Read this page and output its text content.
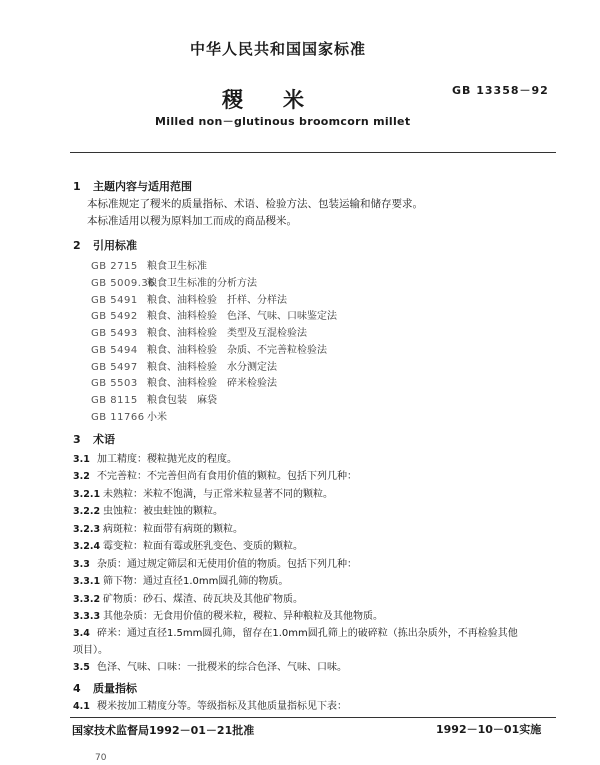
中华人民共和国国家标准
稷 米	GB 13358－92
Milled non－glutinous broomcorn millet
1 主题内容与适用范围
本标准规定了稷米的质量指标、术语、检验方法、包装运输和储存要求。
本标准适用以稷为原料加工而成的商品稷米。
2 引用标准
GB 2715 粮食卫生标准
GB 5009.36粮食卫生标准的分析方法
GB 5491 粮食、油料检验　扦样、分样法
GB 5492 粮食、油料检验　色泽、气味、口味鉴定法
GB 5493 粮食、油料检验　类型及互混检验法
GB 5494 粮食、油料检验　杂质、不完善粒检验法
GB 5497 粮食、油料检验　水分测定法
GB 5503 粮食、油料检验　碎米检验法
GB 8115 粮食包装　麻袋
GB 11766 小米
3 术语
3.1 加工精度：稷粒抛光皮的程度。
3.2 不完善粒：不完善但尚有食用价值的颗粒。包括下列几种：
3.2.1 未熟粒：米粒不饱满，与正常米粒显著不同的颗粒。
3.2.2 虫蚀粒：被虫蛀蚀的颗粒。
3.2.3 病斑粒：粒面带有病斑的颗粒。
3.2.4 霉变粒：粒面有霉或胚乳变色、变质的颗粒。
3.3 杂质：通过规定筛层和无使用价值的物质。包括下列几种：
3.3.1 筛下物：通过直径1.0mm圆孔筛的物质。
3.3.2 矿物质：砂石、煤渣、砖瓦块及其他矿物质。
3.3.3 其他杂质：无食用价值的稷米粒，稷粒、异种粮粒及其他物质。
3.4 碎米：通过直径1.5mm圆孔筛，留存在1.0mm圆孔筛上的破碎粒（拣出杂质外，不再检验其他
项目）。
3.5 色泽、气味、口味：一批稷米的综合色泽、气味、口味。
4 质量指标
4.1 稷米按加工精度分等。等级指标及其他质量指标见下表：
国家技术监督局1992－01－21批准	1992－10－01实施
70
